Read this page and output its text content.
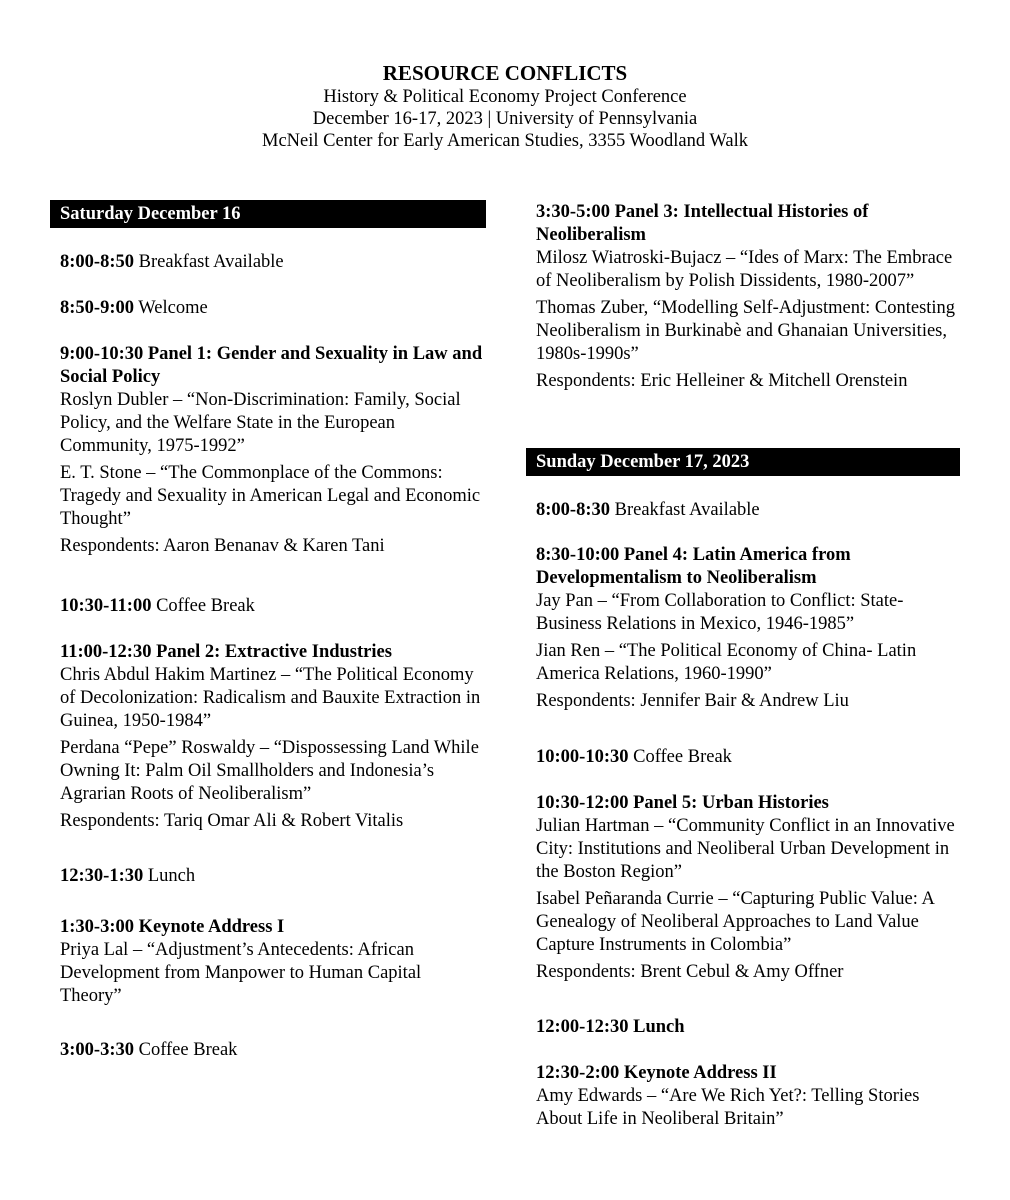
RESOURCE CONFLICTS
History & Political Economy Project Conference
December 16-17, 2023 | University of Pennsylvania
McNeil Center for Early American Studies, 3355 Woodland Walk
Saturday December 16
8:00-8:50 Breakfast Available
8:50-9:00 Welcome
9:00-10:30 Panel 1: Gender and Sexuality in Law and Social Policy
Roslyn Dubler – “Non-Discrimination: Family, Social Policy, and the Welfare State in the European Community, 1975-1992”
E. T. Stone – “The Commonplace of the Commons: Tragedy and Sexuality in American Legal and Economic Thought”
Respondents: Aaron Benanav & Karen Tani
10:30-11:00 Coffee Break
11:00-12:30 Panel 2: Extractive Industries
Chris Abdul Hakim Martinez – “The Political Economy of Decolonization: Radicalism and Bauxite Extraction in Guinea, 1950-1984”
Perdana “Pepe” Roswaldy – “Dispossessing Land While Owning It: Palm Oil Smallholders and Indonesia’s Agrarian Roots of Neoliberalism”
Respondents: Tariq Omar Ali & Robert Vitalis
12:30-1:30 Lunch
1:30-3:00 Keynote Address I
Priya Lal – “Adjustment’s Antecedents: African Development from Manpower to Human Capital Theory”
3:00-3:30 Coffee Break
3:30-5:00 Panel 3: Intellectual Histories of Neoliberalism
Milosz Wiatroski-Bujacz – “Ides of Marx: The Embrace of Neoliberalism by Polish Dissidents, 1980-2007”
Thomas Zuber, “Modelling Self-Adjustment: Contesting Neoliberalism in Burkinabè and Ghanaian Universities, 1980s-1990s”
Respondents: Eric Helleiner & Mitchell Orenstein
Sunday December 17, 2023
8:00-8:30 Breakfast Available
8:30-10:00 Panel 4: Latin America from Developmentalism to Neoliberalism
Jay Pan – “From Collaboration to Conflict: State-Business Relations in Mexico, 1946-1985”
Jian Ren – “The Political Economy of China- Latin America Relations, 1960-1990”
Respondents: Jennifer Bair & Andrew Liu
10:00-10:30 Coffee Break
10:30-12:00 Panel 5: Urban Histories
Julian Hartman – “Community Conflict in an Innovative City: Institutions and Neoliberal Urban Development in the Boston Region”
Isabel Peñaranda Currie – “Capturing Public Value: A Genealogy of Neoliberal Approaches to Land Value Capture Instruments in Colombia”
Respondents: Brent Cebul & Amy Offner
12:00-12:30 Lunch
12:30-2:00 Keynote Address II
Amy Edwards – “Are We Rich Yet?: Telling Stories About Life in Neoliberal Britain”
